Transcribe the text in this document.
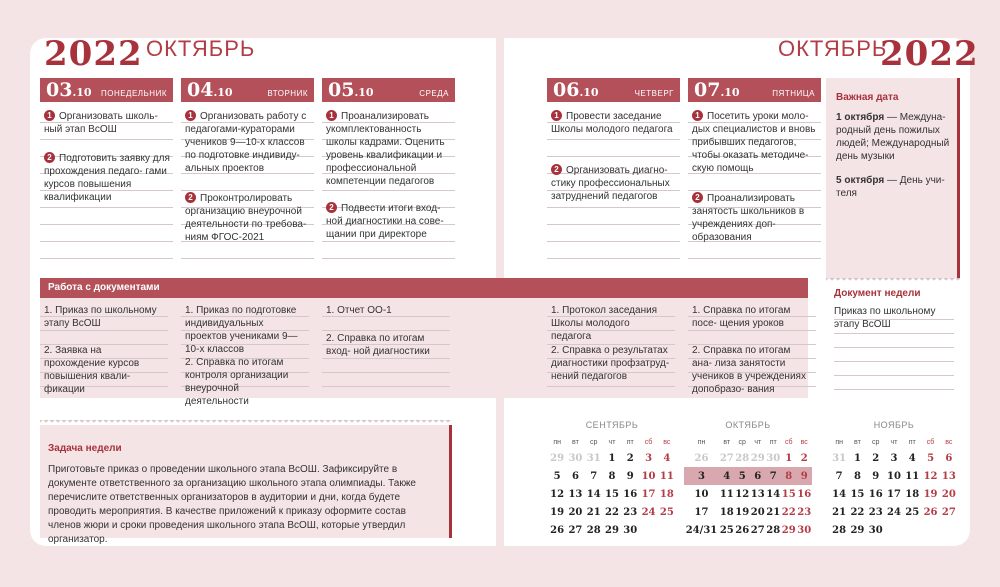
2022 ОКТЯБРЬ	ОКТЯБРЬ
2022
03.10 ПОНЕДЕЛЬНИК
1 Организовать школь- ный этап ВсОШ
2 Подготовить заявку для прохождения педаго- гами курсов повышения квалификации
04.10	ВТОРНИК
1 Организовать работу с педагогами-кураторами учеников 9—10-х классов по подготовке индивиду- альных проектов
2 Проконтролировать организацию внеурочной деятельности по требова- ниям ФГОС-2021
05.10	СРЕДА
1 Проанализировать укомплектованность школы кадрами. Оценить уровень квалификации и профессиональной компетенции педагогов
2 Подвести итоги вход- ной диагностики на сове- щании при директоре
06.10	ЧЕТВЕРГ
1 Провести заседание Школы молодого педагога
2 Организовать диагно- стику профессиональных затруднений педагогов
07.10	ПЯТНИЦА
1 Посетить уроки моло- дых специалистов и вновь прибывших педагогов, чтобы оказать методиче- скую помощь
2 Проанализировать занятость школьников в учреждениях доп- образования
Важная дата
1 октября — Междуна- родный день пожилых людей; Международный день музыки
5 октября — День учи- теля
Работа с документами
1. Приказ по школьному этапу ВсОШ
2. Заявка на прохождение курсов повышения квали- фикации
1. Приказ по подготовке индивидуальных проектов учениками 9—10-х классов
2. Справка по итогам контроля организации внеурочной деятельности
1. Отчет ОО-1
2. Справка по итогам вход- ной диагностики
1. Протокол заседания Школы молодого педагога
2. Справка о результатах диагностики профзатруд- нений педагогов
1. Справка по итогам посе- щения уроков
2. Справка по итогам ана- лиза занятости учеников в учреждениях допобразо- вания
Документ недели
Приказ по школьному этапу ВсОШ
Задача недели
Приготовьте приказ о проведении школьного этапа ВсОШ. Зафиксируйте в документе ответственного за организацию школьного этапа олимпиады. Также перечислите ответственных организаторов в аудитории и дни, когда будете проводить мероприятия. В качестве приложений к приказу оформите состав членов жюри и сроки проведения школьного этапа ВсОШ, которые утвердил организатор.
СЕНТЯБРЬ
пн	вт	ср	чт	пт	сб	вс
29	30	31	1	2	3	4
5	6	7	8	9	10	11
12	13	14	15	16	17	18
19	20	21	22	23	24	25
26	27	28	29	30		
ОКТЯБРЬ
пн	вт	ср	чт	пт	сб	вс
26	27	28	29	30	1	2
3	4	5	6	7	8	9
10	11	12	13	14	15	16
17	18	19	20	21	22	23
24/31	25	26	27	28	29	30
НОЯБРЬ
пн	вт	ср	чт	пт	сб	вс
31	1	2	3	4	5	6
7	8	9	10	11	12	13
14	15	16	17	18	19	20
21	22	23	24	25	26	27
28	29	30				
